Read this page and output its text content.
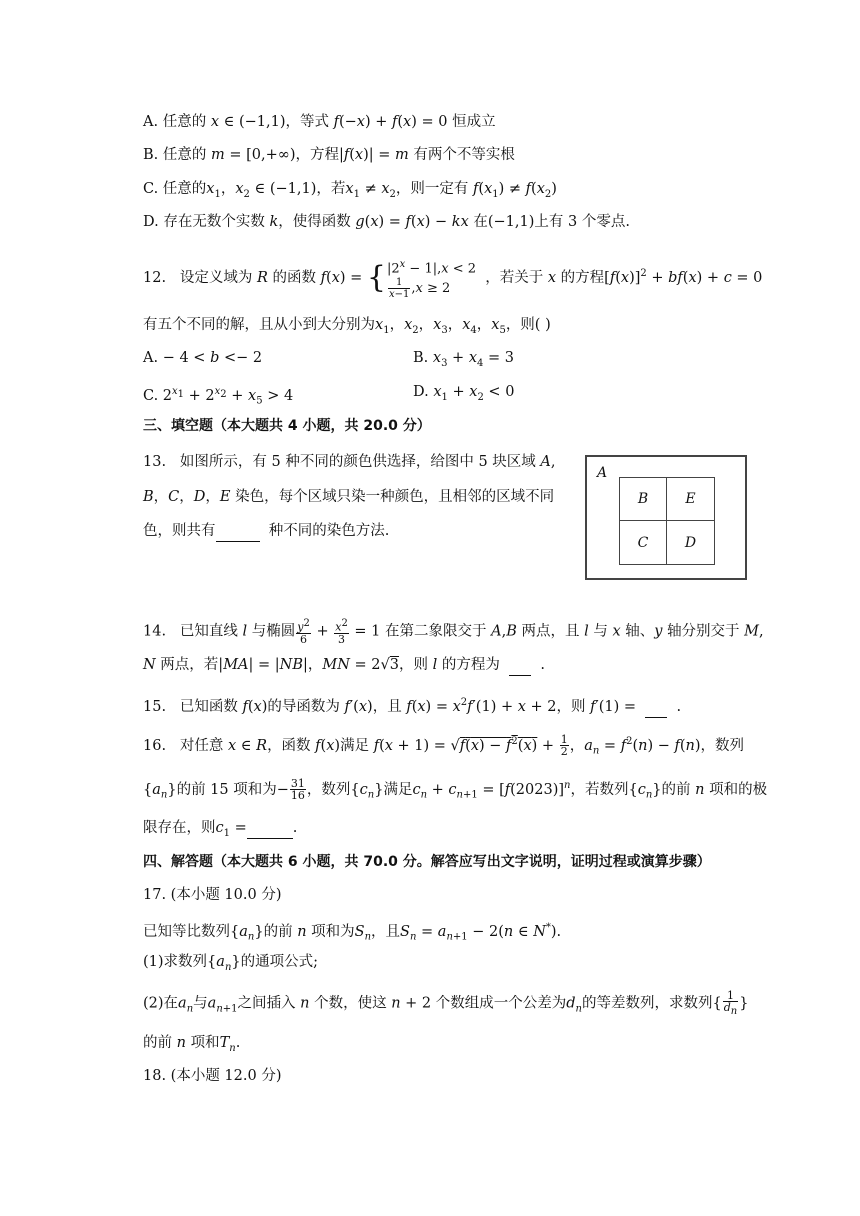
A. 任意的 x ∈ (−1,1)，等式 f(−x) + f(x) = 0 恒成立
B. 任意的 m = [0,+∞)，方程|f(x)| = m 有两个不等实根
C. 任意的$x_1$，$x_2$ ∈ (−1,1)，若$x_1 \ne x_2$，则一定有 $f(x_1) \ne f(x_2)$
D. 存在无数个实数 k，使得函数 g(x) = f(x) − kx 在(−1,1)上有 3 个零点.
12. 设定义域为 R 的函数 f(x) = { $|2^x - 1|,x < 2$
$\frac{1}{x-1} ,x \ge 2$
，若关于 x 的方程$[f(x)]^2 + bf(x) + c = 0$
有五个不同的解，且从小到大分别为$x_1$，$x_2$，$x_3$，$x_4$，$x_5$，则( )
A. − 4 < b <− 2	B. $x_3 + x_4 = 3$
C. $2^{x_1} + 2^{x_2} + x_5 > 4$	D. $x_1 + x_2 < 0$
三、填空题（本大题共 4 小题，共 20.0 分）
13. 如图所示，有 5 种不同的颜色供选择，给图中 5 块区域 A,
B，C，D，E 染色，每个区域只染一种颜色，且相邻的区域不同
色，则共有	种不同的染色方法.
A
B	E
C	D
14. 已知直线 l 与椭圆 $\frac{y^2}{6} + \frac{x^2}{3} = 1$ 在第二象限交于 A,B 两点，且 l 与 x 轴、y 轴分别交于 M,
N 两点，若|MA| = |NB|，MN = 2√3，则 l 的方程为	.
15. 已知函数 f(x)的导函数为 f′(x)，且 $f(x) = x^2f'(1) + x + 2$，则 f′(1) =     .
16. 对任意 x ∈ R，函数 f(x)满足 $f(x + 1) = √f(x) - f^2(x) + \frac{1}{2}$ ，$a_n = f^2(n) - f(n)$，数列
$\{a_n\}$的前 15 项和为− $\frac{31}{16}$ ，数列$\{c_n\}$满足$c_n + c_{n+1} = [f(2023)]^n$，若数列$\{c_n\}$的前 n 项和的极
限存在，则$c_1$ =	.
四、解答题（本大题共 6 小题，共 70.0 分。解答应写出文字说明，证明过程或演算步骤）
17. (本小题 10.0 分)
已知等比数列$\{a_n\}$的前 n 项和为$S_n$，且$S_n = a_{n+1} - 2(n$ ∈ N*).
(1)求数列$\{a_n\}$的通项公式;
(2)在$a_n$与$a_{n+1}$之间插入 n 个数，使这 n + 2 个数组成一个公差为$d_n$的等差数列，求数列{ $\frac{1}{d_n}$ }
的前 n 项和$T_n$.
18. (本小题 12.0 分)
